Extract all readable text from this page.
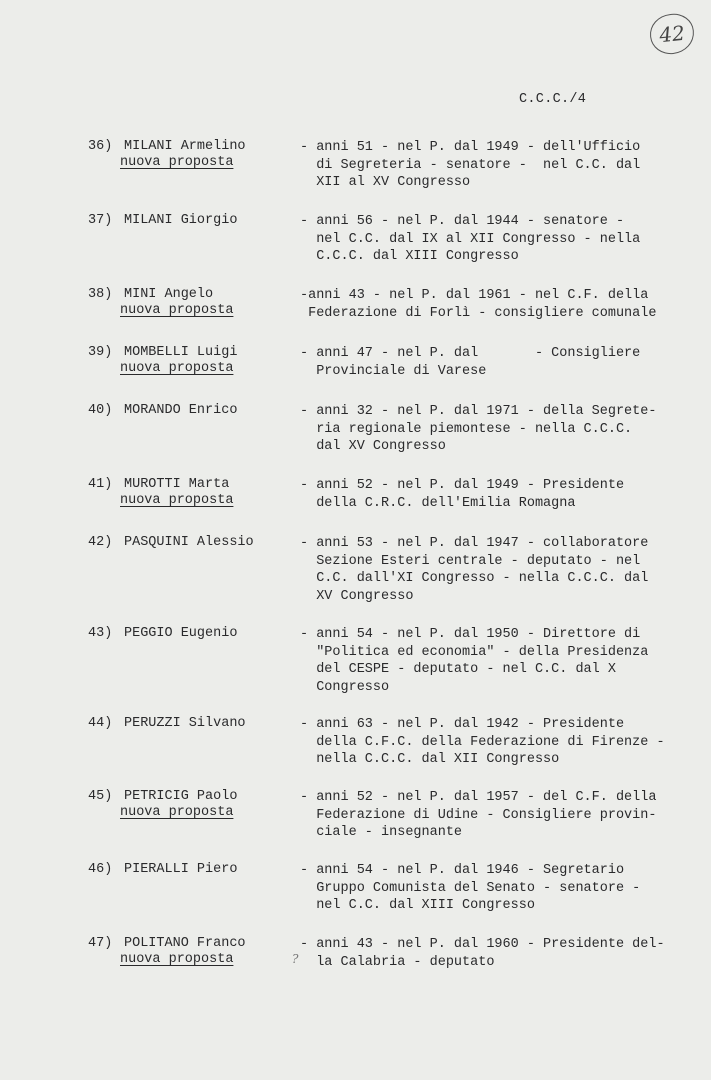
42
C.C.C./4
36) MILANI Armelino
nuova proposta
- anni 51 - nel P. dal 1949 - dell'Ufficio
di Segreteria - senatore -  nel C.C. dal
XII al XV Congresso
37) MILANI Giorgio	- anni 56 - nel P. dal 1944 - senatore -
nel C.C. dal IX al XII Congresso - nella
C.C.C. dal XIII Congresso
38) MINI Angelo
nuova proposta
-anni 43 - nel P. dal 1961 - nel C.F. della
Federazione di Forlì - consigliere comunale
39) MOMBELLI Luigi
nuova proposta
- anni 47 - nel P. dal       - Consigliere
Provinciale di Varese
40) MORANDO Enrico	- anni 32 - nel P. dal 1971 - della Segrete-
ria regionale piemontese - nella C.C.C.
dal XV Congresso
41) MUROTTI Marta
nuova proposta
- anni 52 - nel P. dal 1949 - Presidente
della C.R.C. dell'Emilia Romagna
42) PASQUINI Alessio	- anni 53 - nel P. dal 1947 - collaboratore
Sezione Esteri centrale - deputato - nel
C.C. dall'XI Congresso - nella C.C.C. dal
XV Congresso
43) PEGGIO Eugenio	- anni 54 - nel P. dal 1950 - Direttore di
"Politica ed economia" - della Presidenza
del CESPE - deputato - nel C.C. dal X
Congresso
44) PERUZZI Silvano	- anni 63 - nel P. dal 1942 - Presidente
della C.F.C. della Federazione di Firenze -
nella C.C.C. dal XII Congresso
45) PETRICIG Paolo
nuova proposta
- anni 52 - nel P. dal 1957 - del C.F. della
Federazione di Udine - Consigliere provin-
ciale - insegnante
46) PIERALLI Piero	- anni 54 - nel P. dal 1946 - Segretario
Gruppo Comunista del Senato - senatore -
nel C.C. dal XIII Congresso
47) POLITANO Franco
nuova proposta
- anni 43 - nel P. dal 1960 - Presidente del-
la Calabria - deputato
?
